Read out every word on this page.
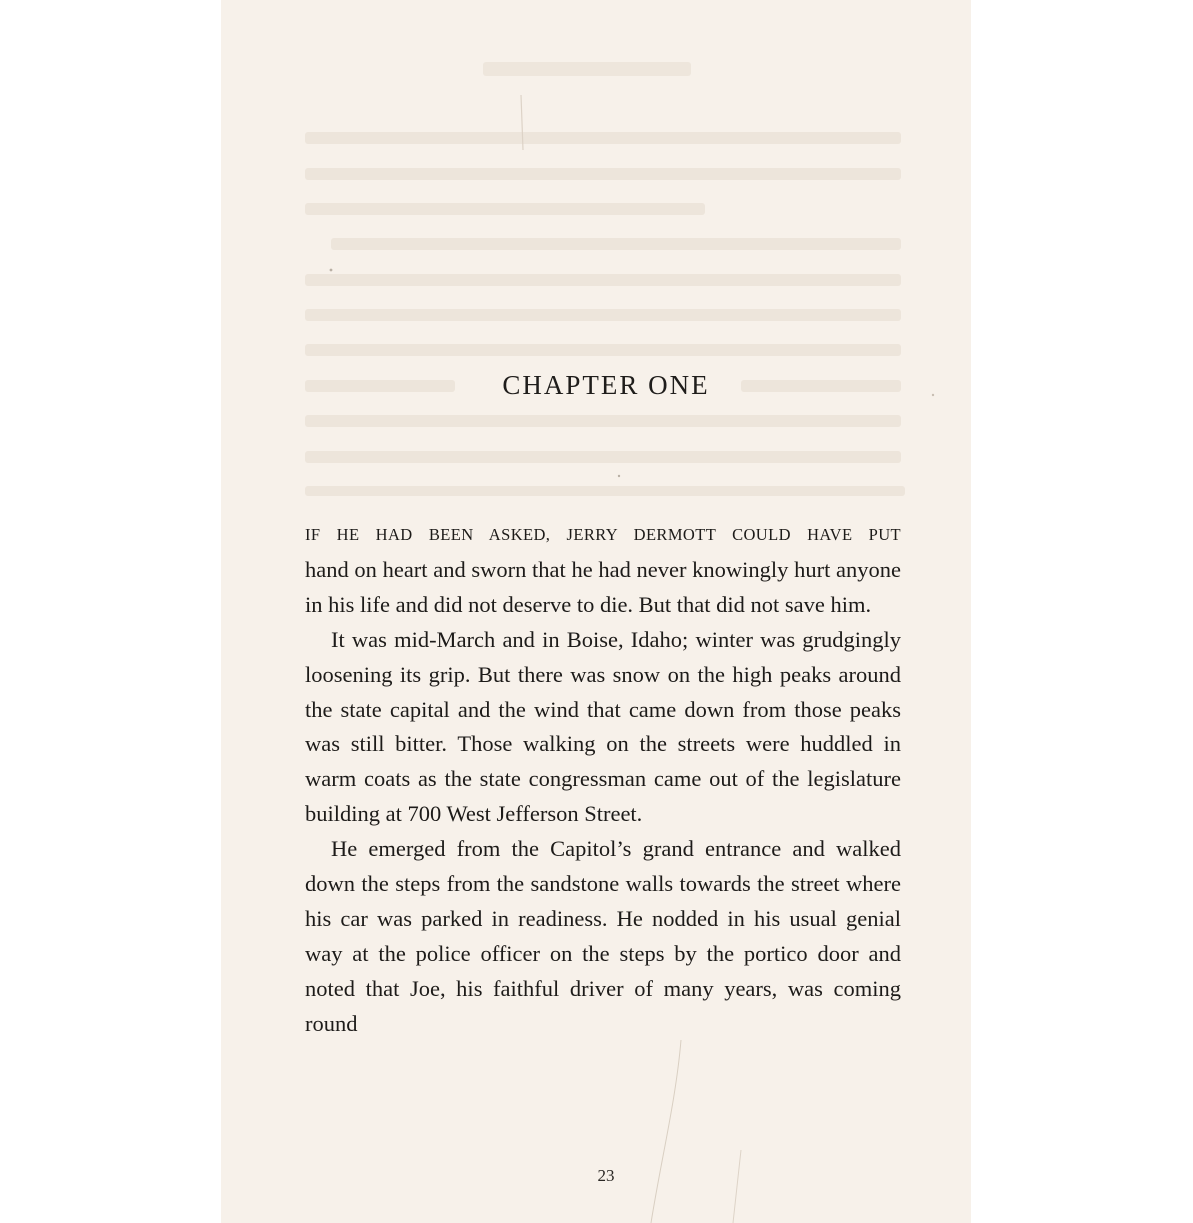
CHAPTER ONE

IF HE HAD BEEN ASKED, JERRY DERMOTT COULD HAVE PUT
hand on heart and sworn that he had never knowingly hurt anyone in his life and did not deserve to die. But that did not save him.

It was mid-March and in Boise, Idaho; winter was grudgingly loosening its grip. But there was snow on the high peaks around the state capital and the wind that came down from those peaks was still bitter. Those walking on the streets were huddled in warm coats as the state congressman came out of the legislature building at 700 West Jefferson Street.

He emerged from the Capitol’s grand entrance and walked down the steps from the sandstone walls towards the street where his car was parked in readiness. He nodded in his usual genial way at the police officer on the steps by the portico door and noted that Joe, his faithful driver of many years, was coming round

23
